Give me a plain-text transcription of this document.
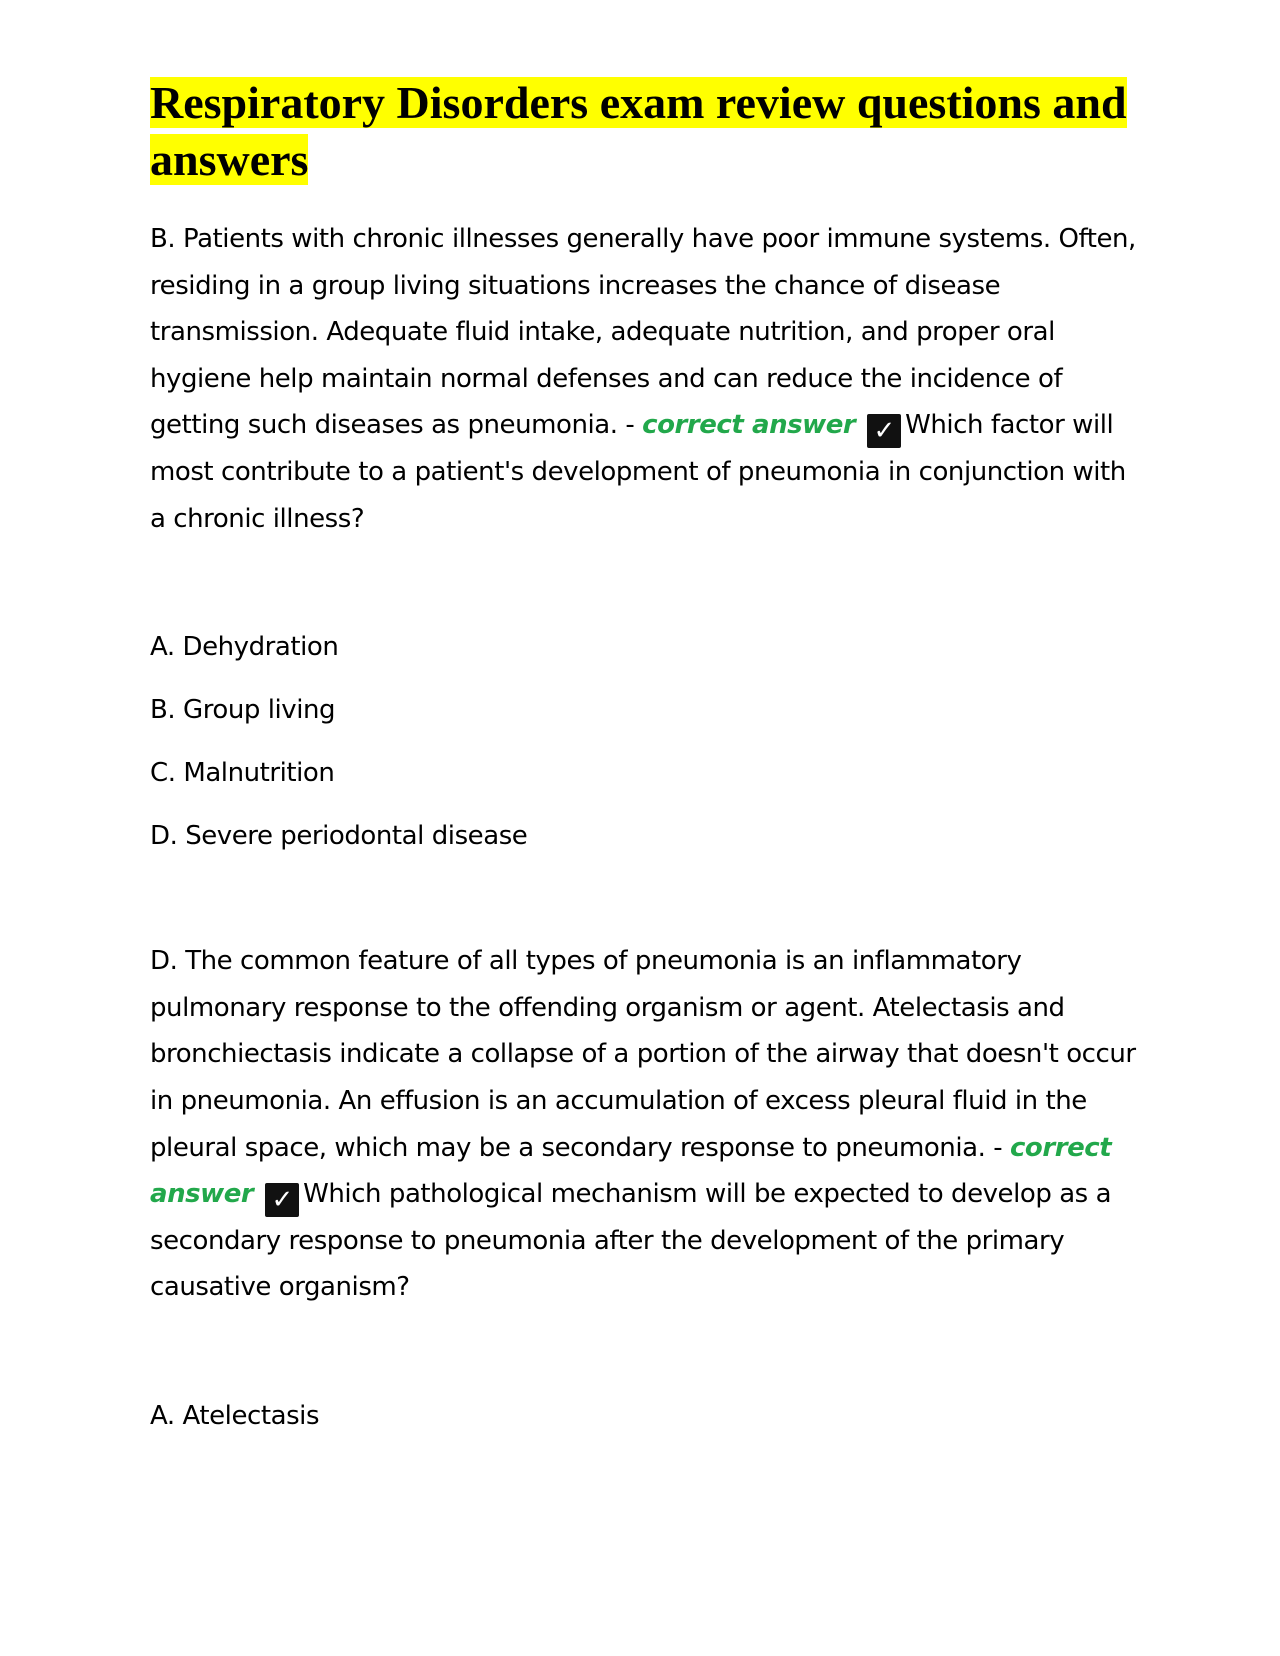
Respiratory Disorders exam review questions and answers

B. Patients with chronic illnesses generally have poor immune systems. Often, residing in a group living situations increases the chance of disease transmission. Adequate fluid intake, adequate nutrition, and proper oral hygiene help maintain normal defenses and can reduce the incidence of getting such diseases as pneumonia. - correct answer ✓ Which factor will most contribute to a patient's development of pneumonia in conjunction with a chronic illness?

A. Dehydration
B. Group living
C. Malnutrition
D. Severe periodontal disease

D. The common feature of all types of pneumonia is an inflammatory pulmonary response to the offending organism or agent. Atelectasis and bronchiectasis indicate a collapse of a portion of the airway that doesn't occur in pneumonia. An effusion is an accumulation of excess pleural fluid in the pleural space, which may be a secondary response to pneumonia. - correct answer ✓ Which pathological mechanism will be expected to develop as a secondary response to pneumonia after the development of the primary causative organism?

A. Atelectasis
